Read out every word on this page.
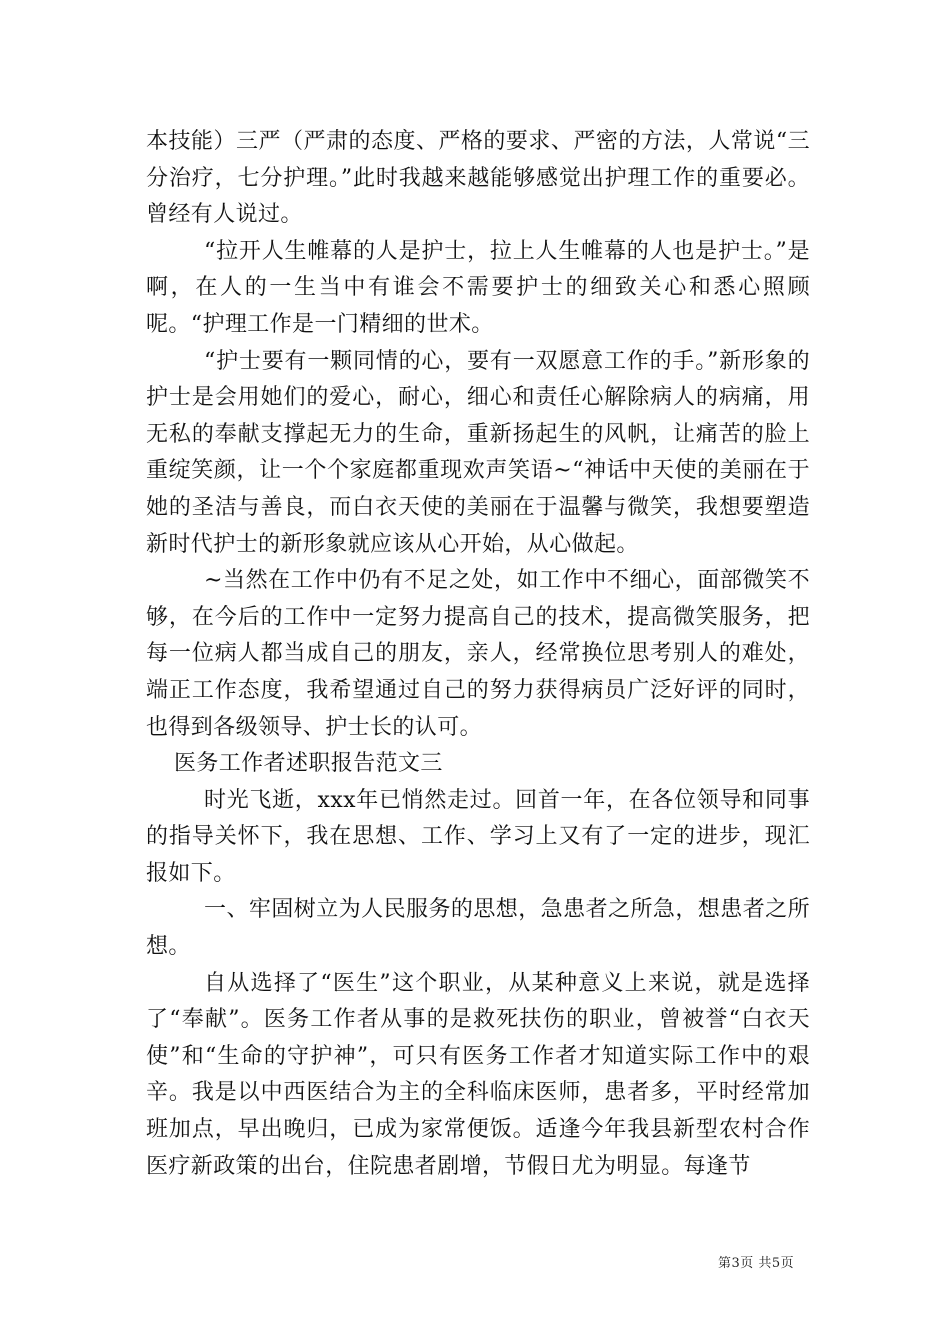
本技能）三严（严肃的态度、严格的要求、严密的方法，人常说“三分治疗，七分护理。”此时我越来越能够感觉出护理工作的重要必。曾经有人说过。

“拉开人生帷幕的人是护士，拉上人生帷幕的人也是护士。”是啊，在人的一生当中有谁会不需要护士的细致关心和悉心照顾呢。“护理工作是一门精细的世术。

“护士要有一颗同情的心，要有一双愿意工作的手。”新形象的护士是会用她们的爱心，耐心，细心和责任心解除病人的病痛，用无私的奉献支撑起无力的生命，重新扬起生的风帆，让痛苦的脸上重绽笑颜，让一个个家庭都重现欢声笑语~“神话中天使的美丽在于她的圣洁与善良，而白衣天使的美丽在于温馨与微笑，我想要塑造新时代护士的新形象就应该从心开始，从心做起。

~当然在工作中仍有不足之处，如工作中不细心，面部微笑不够，在今后的工作中一定努力提高自己的技术，提高微笑服务，把每一位病人都当成自己的朋友，亲人，经常换位思考别人的难处，端正工作态度，我希望通过自己的努力获得病员广泛好评的同时，也得到各级领导、护士长的认可。

医务工作者述职报告范文三

时光飞逝，xxx年已悄然走过。回首一年，在各位领导和同事的指导关怀下，我在思想、工作、学习上又有了一定的进步，现汇报如下。

一、牢固树立为人民服务的思想，急患者之所急，想患者之所想。

自从选择了“医生”这个职业，从某种意义上来说，就是选择了“奉献”。医务工作者从事的是救死扶伤的职业，曾被誉“白衣天使”和“生命的守护神”，可只有医务工作者才知道实际工作中的艰辛。我是以中西医结合为主的全科临床医师，患者多，平时经常加班加点，早出晚归，已成为家常便饭。适逢今年我县新型农村合作医疗新政策的出台，住院患者剧增，节假日尤为明显。每逢节

第3页 共5页
